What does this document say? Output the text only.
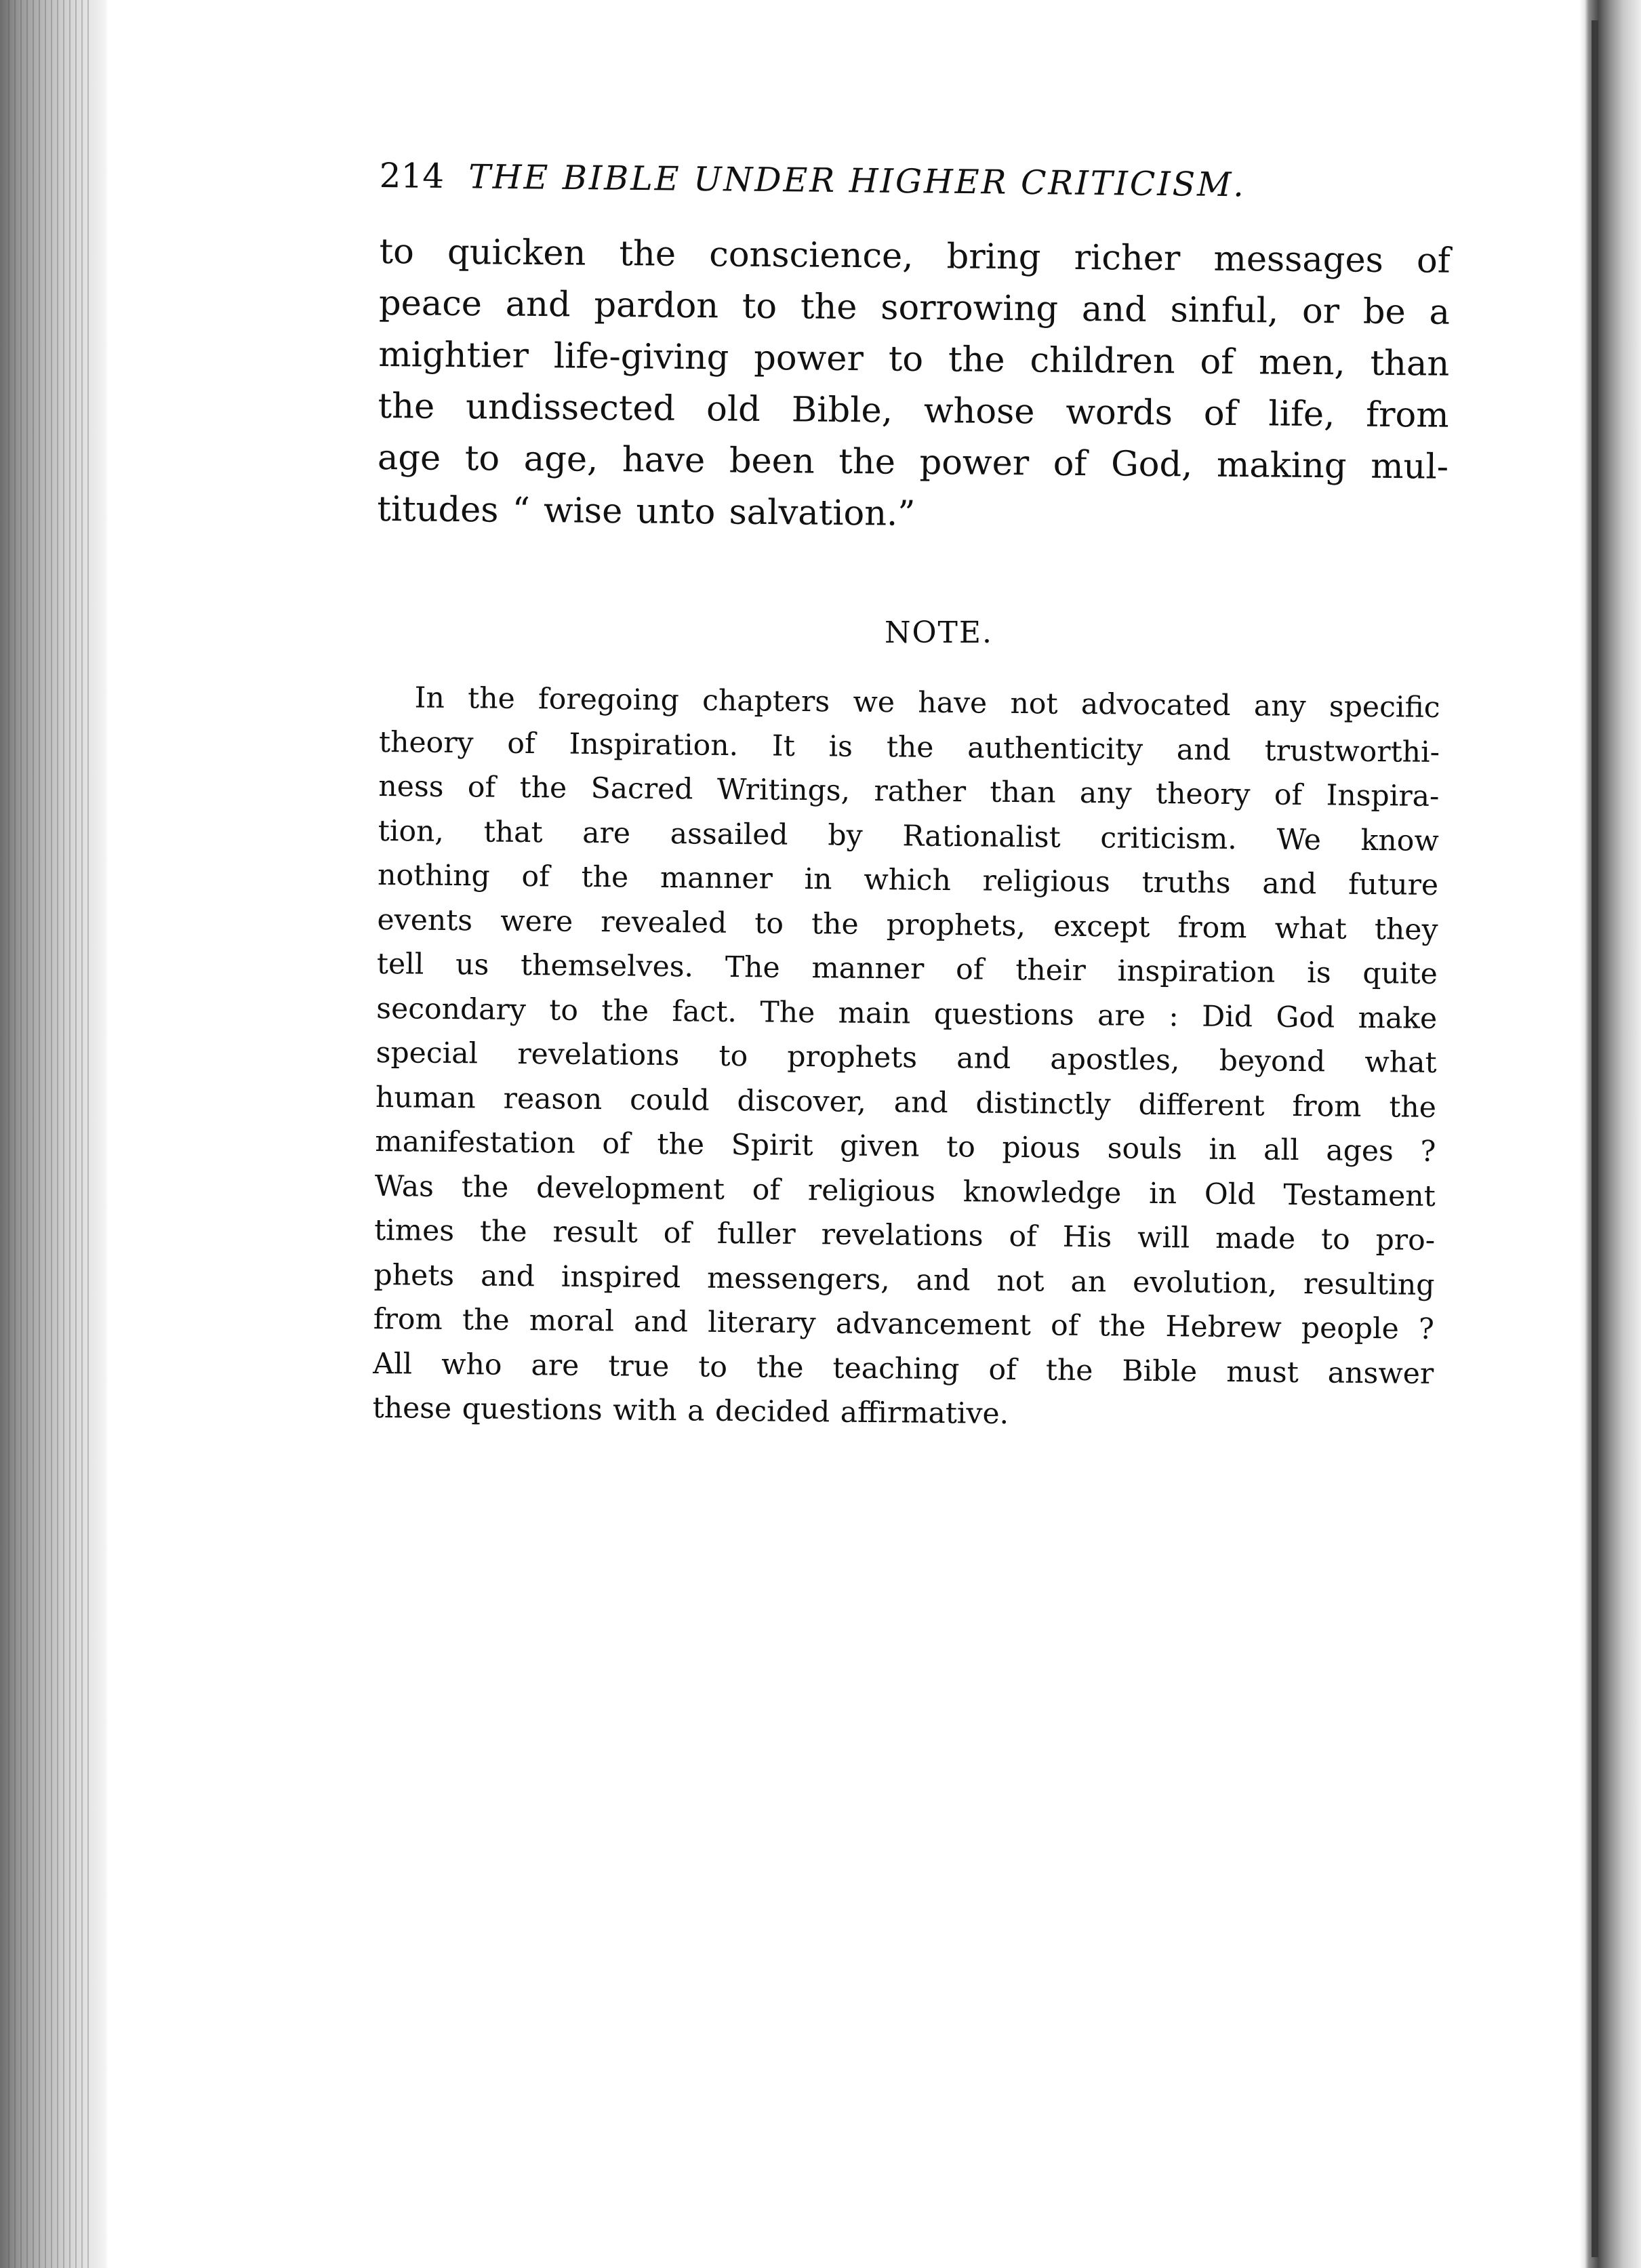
214 THE BIBLE UNDER HIGHER CRITICISM.
to quicken the conscience, bring richer messages of
peace and pardon to the sorrowing and sinful, or be a
mightier life-giving power to the children of men, than
the undissected old Bible, whose words of life, from
age to age, have been the power of God, making mul-
titudes “ wise unto salvation.”
NOTE.
In the foregoing chapters we have not advocated any specific
theory of Inspiration. It is the authenticity and trustworthi-
ness of the Sacred Writings, rather than any theory of Inspira-
tion, that are assailed by Rationalist criticism. We know
nothing of the manner in which religious truths and future
events were revealed to the prophets, except from what they
tell us themselves. The manner of their inspiration is quite
secondary to the fact. The main questions are : Did God make
special revelations to prophets and apostles, beyond what
human reason could discover, and distinctly different from the
manifestation of the Spirit given to pious souls in all ages ?
Was the development of religious knowledge in Old Testament
times the result of fuller revelations of His will made to pro-
phets and inspired messengers, and not an evolution, resulting
from the moral and literary advancement of the Hebrew people ?
All who are true to the teaching of the Bible must answer
these questions with a decided affirmative.
